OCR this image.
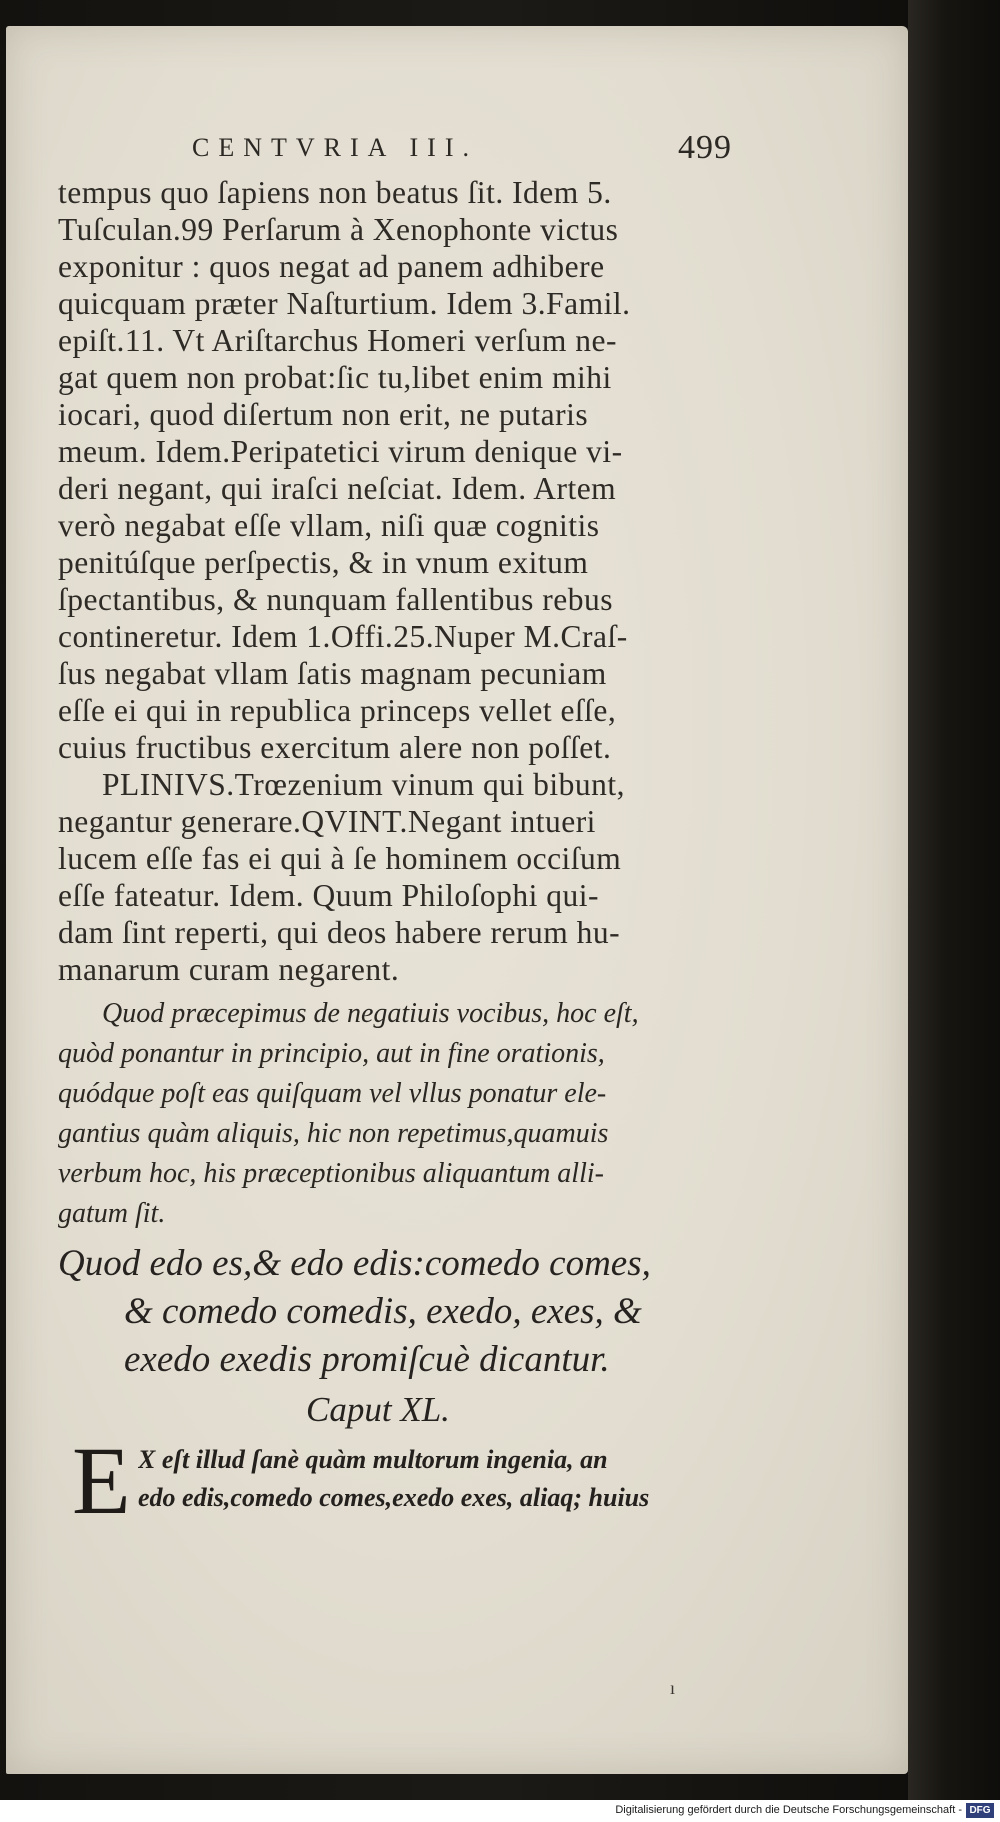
CENTVRIA III.	499
tempus quo ſapiens non beatus ſit. Idem 5.
Tuſculan.99 Perſarum à Xenophonte victus
exponitur : quos negat ad panem adhibere
quicquam præter Naſturtium. Idem 3.Famil.
epiſt.11. Vt Ariſtarchus Homeri verſum ne-
gat quem non probat:ſic tu,libet enim mihi
iocari, quod diſertum non erit, ne putaris
meum. Idem.Peripatetici virum denique vi-
deri negant, qui iraſci neſciat. Idem. Artem
verò negabat eſſe vllam, niſi quæ cognitis
penitúſque perſpectis, & in vnum exitum
ſpectantibus, & nunquam fallentibus rebus
contineretur. Idem 1.Offi.25.Nuper M.Craſ-
ſus negabat vllam ſatis magnam pecuniam
eſſe ei qui in republica princeps vellet eſſe,
cuius fructibus exercitum alere non poſſet.
PLINIVS.Trœzenium vinum qui bibunt,
negantur generare.QVINT.Negant intueri
lucem eſſe fas ei qui à ſe hominem occiſum
eſſe fateatur. Idem. Quum Philoſophi qui-
dam ſint reperti, qui deos habere rerum hu-
manarum curam negarent.
Quod præcepimus de negatiuis vocibus, hoc eſt,
quòd ponantur in principio, aut in fine orationis,
quódque poſt eas quiſquam vel vllus ponatur ele-
gantius quàm aliquis, hic non repetimus,quamuis
verbum hoc, his præceptionibus aliquantum alli-
gatum ſit.
Quod edo es,& edo edis:comedo comes,
& comedo comedis, exedo, exes, &
exedo exedis promiſcuè dicantur.
Caput XL.
E X eſt illud ſanè quàm multorum ingenia, an
edo edis,comedo comes,exedo exes, aliaq; huius
ı
Digitalisierung gefördert durch die Deutsche Forschungsgemeinschaft - DFG
